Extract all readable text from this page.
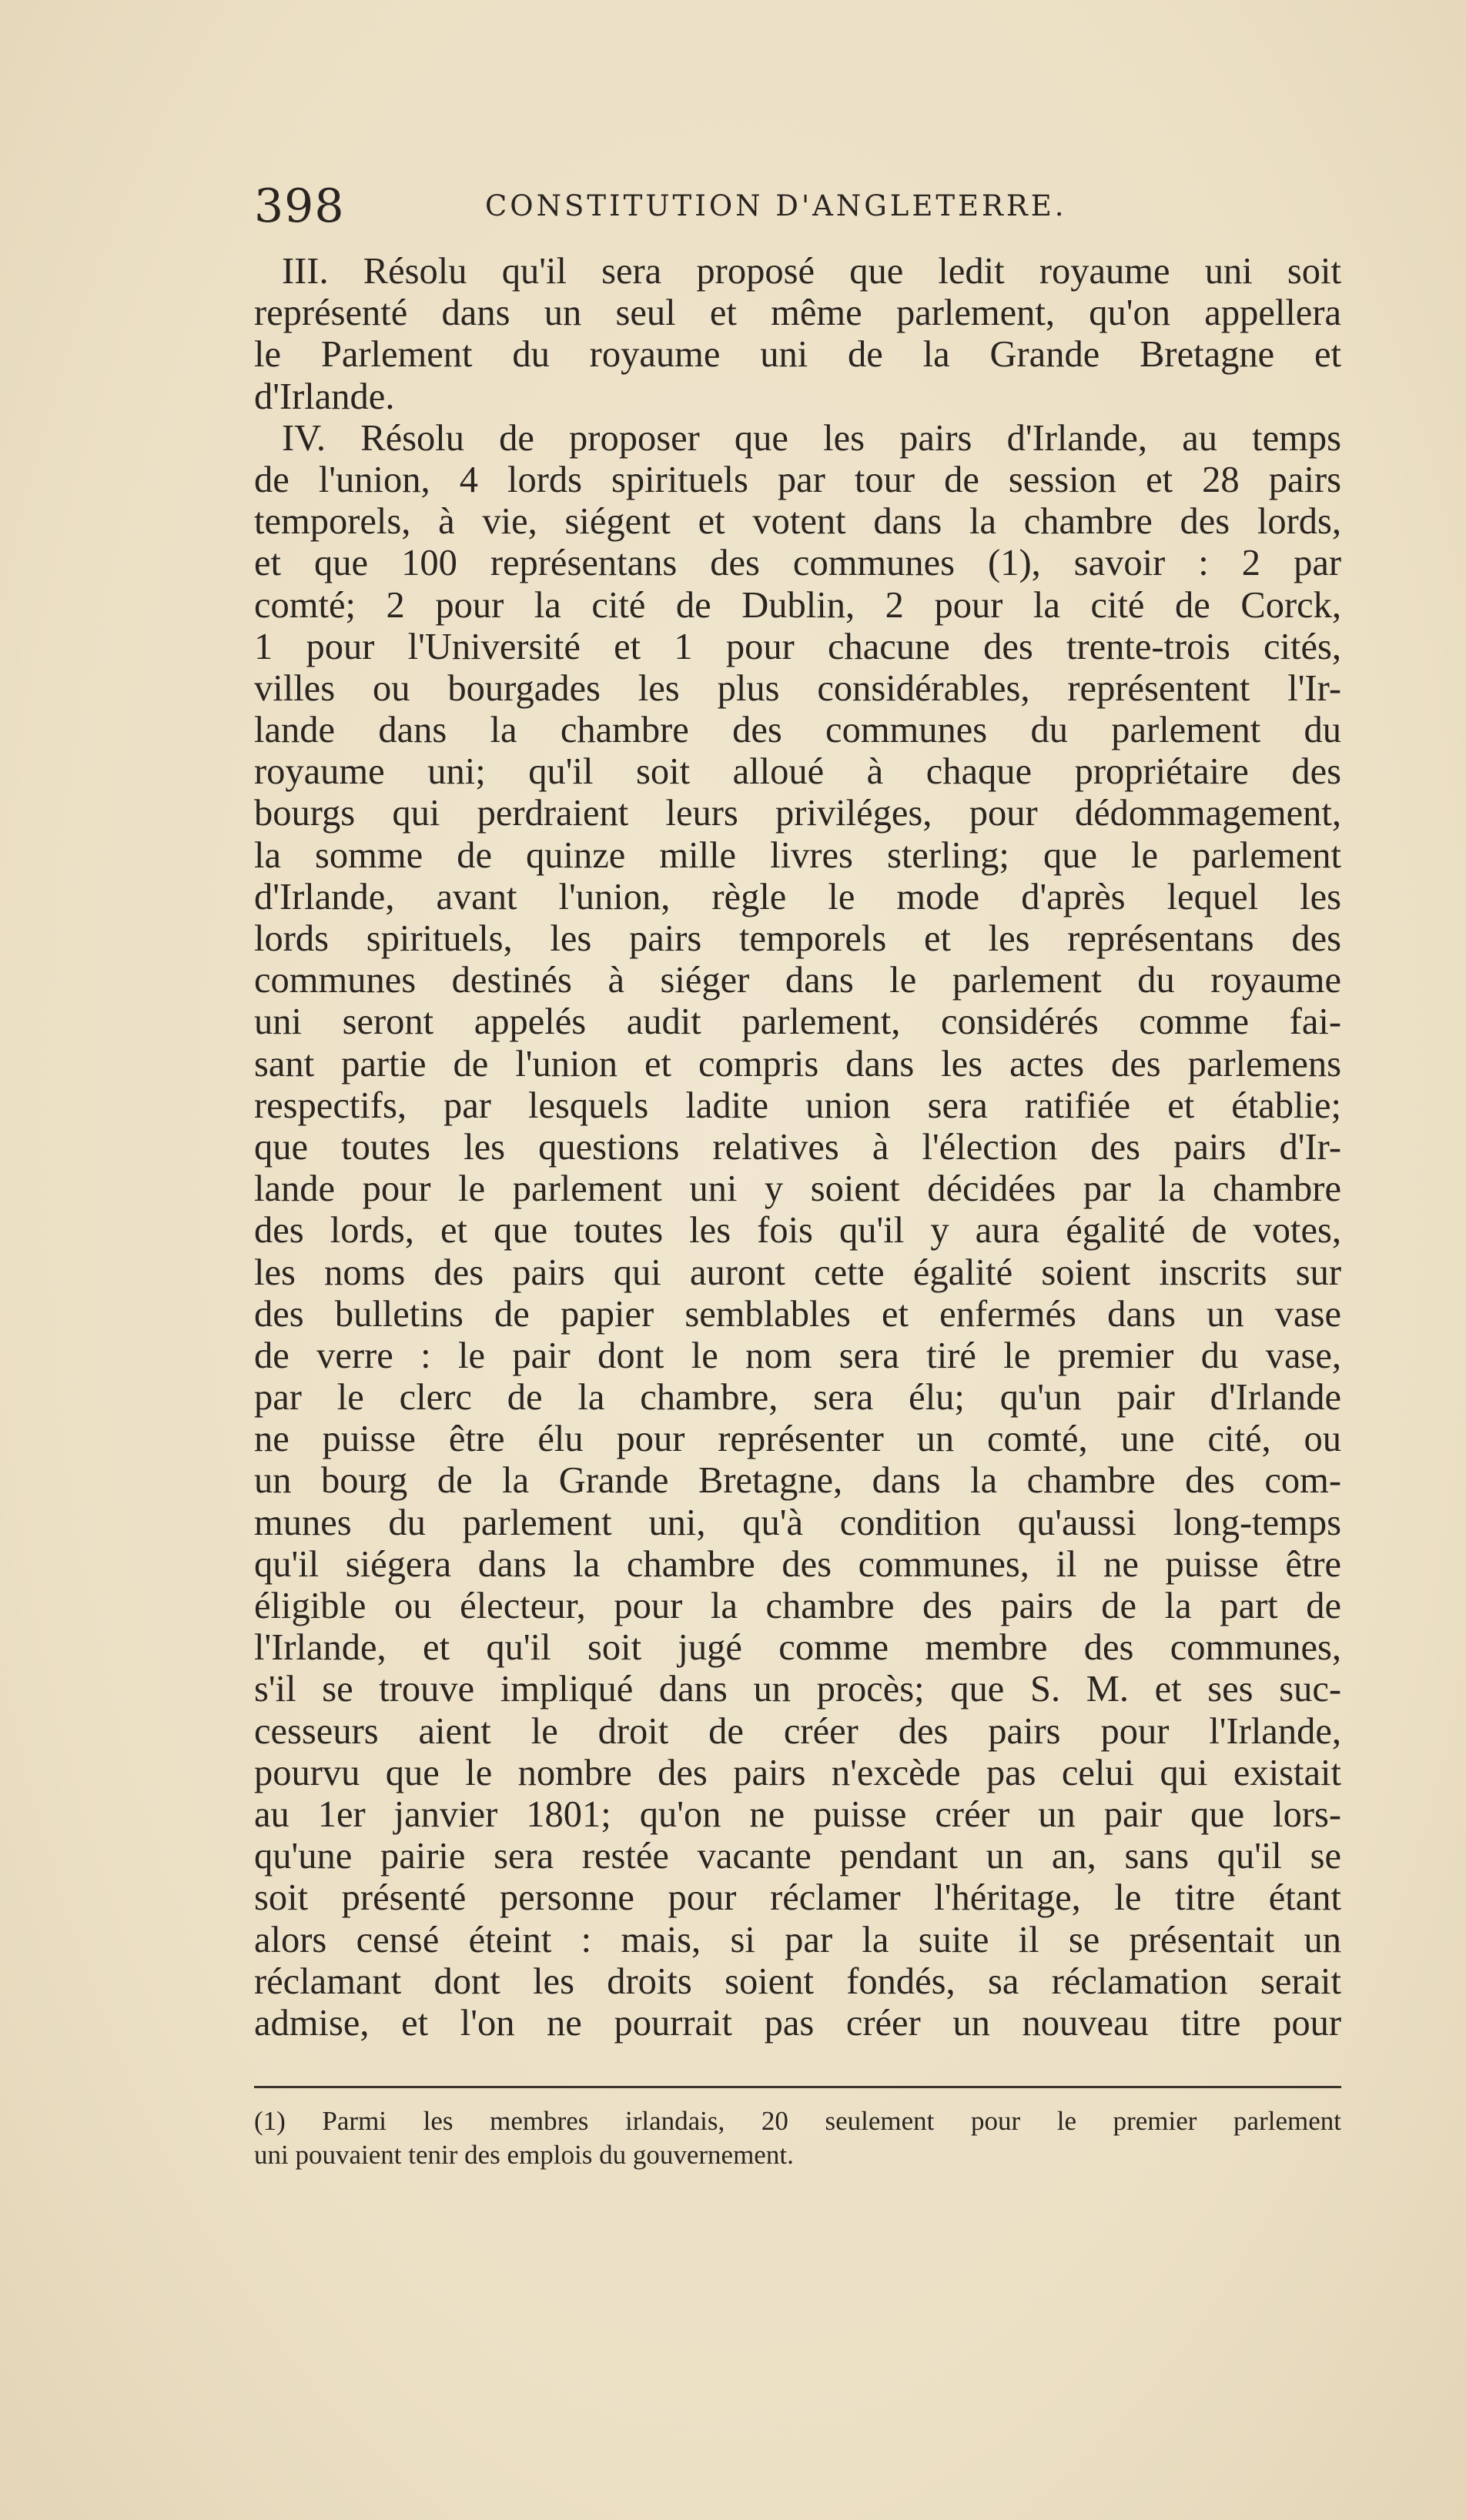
398	CONSTITUTION D'ANGLETERRE.
III. Résolu qu'il sera proposé que ledit royaume uni soit
représenté dans un seul et même parlement, qu'on appellera
le Parlement du royaume uni de la Grande Bretagne et
d'Irlande.
IV. Résolu de proposer que les pairs d'Irlande, au temps
de l'union, 4 lords spirituels par tour de session et 28 pairs
temporels, à vie, siégent et votent dans la chambre des lords,
et que 100 représentans des communes (1), savoir : 2 par
comté; 2 pour la cité de Dublin, 2 pour la cité de Corck,
1 pour l'Université et 1 pour chacune des trente-trois cités,
villes ou bourgades les plus considérables, représentent l'Ir-
lande dans la chambre des communes du parlement du
royaume uni; qu'il soit alloué à chaque propriétaire des
bourgs qui perdraient leurs priviléges, pour dédommagement,
la somme de quinze mille livres sterling; que le parlement
d'Irlande, avant l'union, règle le mode d'après lequel les
lords spirituels, les pairs temporels et les représentans des
communes destinés à siéger dans le parlement du royaume
uni seront appelés audit parlement, considérés comme fai-
sant partie de l'union et compris dans les actes des parlemens
respectifs, par lesquels ladite union sera ratifiée et établie;
que toutes les questions relatives à l'élection des pairs d'Ir-
lande pour le parlement uni y soient décidées par la chambre
des lords, et que toutes les fois qu'il y aura égalité de votes,
les noms des pairs qui auront cette égalité soient inscrits sur
des bulletins de papier semblables et enfermés dans un vase
de verre : le pair dont le nom sera tiré le premier du vase,
par le clerc de la chambre, sera élu; qu'un pair d'Irlande
ne puisse être élu pour représenter un comté, une cité, ou
un bourg de la Grande Bretagne, dans la chambre des com-
munes du parlement uni, qu'à condition qu'aussi long-temps
qu'il siégera dans la chambre des communes, il ne puisse être
éligible ou électeur, pour la chambre des pairs de la part de
l'Irlande, et qu'il soit jugé comme membre des communes,
s'il se trouve impliqué dans un procès; que S. M. et ses suc-
cesseurs aient le droit de créer des pairs pour l'Irlande,
pourvu que le nombre des pairs n'excède pas celui qui existait
au 1er janvier 1801; qu'on ne puisse créer un pair que lors-
qu'une pairie sera restée vacante pendant un an, sans qu'il se
soit présenté personne pour réclamer l'héritage, le titre étant
alors censé éteint : mais, si par la suite il se présentait un
réclamant dont les droits soient fondés, sa réclamation serait
admise, et l'on ne pourrait pas créer un nouveau titre pour
(1) Parmi les membres irlandais, 20 seulement pour le premier parlement
uni pouvaient tenir des emplois du gouvernement.
